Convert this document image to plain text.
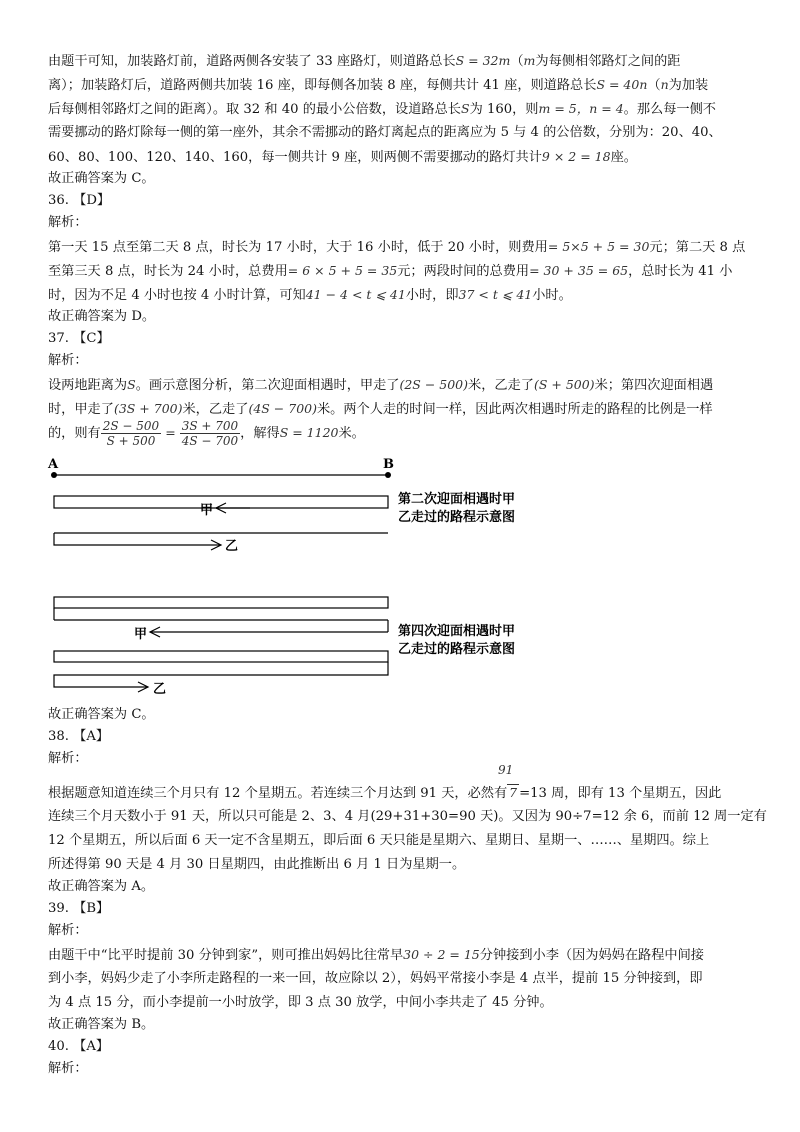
由题干可知，加装路灯前，道路两侧各安装了 33 座路灯，则道路总长S = 32m（m为每侧相邻路灯之间的距
离）；加装路灯后，道路两侧共加装 16 座，即每侧各加装 8 座，每侧共计 41 座，则道路总长S = 40n（n为加装
后每侧相邻路灯之间的距离）。取 32 和 40 的最小公倍数，设道路总长S为 160，则m = 5，n = 4。那么每一侧不
需要挪动的路灯除每一侧的第一座外，其余不需挪动的路灯离起点的距离应为 5 与 4 的公倍数，分别为：20、40、
60、80、100、120、140、160，每一侧共计 9 座，则两侧不需要挪动的路灯共计9 × 2 = 18座。
故正确答案为 C。
36. 【D】
解析：
第一天 15 点至第二天 8 点，时长为 17 小时，大于 16 小时，低于 20 小时，则费用= 5×5 + 5 = 30元；第二天 8 点
至第三天 8 点，时长为 24 小时，总费用= 6 × 5 + 5 = 35元；两段时间的总费用= 30 + 35 = 65，总时长为 41 小
时，因为不足 4 小时也按 4 小时计算，可知41 − 4 < t ⩽ 41小时，即37 < t ⩽ 41小时。
故正确答案为 D。
37. 【C】
解析：
设两地距离为S。画示意图分析，第二次迎面相遇时，甲走了(2S − 500)米，乙走了(S + 500)米；第四次迎面相遇
时，甲走了(3S + 700)米，乙走了(4S − 700)米。两个人走的时间一样，因此两次相遇时所走的路程的比例是一样
的，则有 $\frac{2S - 500}{S + 500} = \frac{3S + 700}{4S - 700}$ ，解得S = 1120米。
A	B
甲
乙
甲
乙
第二次迎面相遇时甲
乙走过的路程示意图
第四次迎面相遇时甲
乙走过的路程示意图
故正确答案为 C。
38. 【A】
解析：
91
根据题意知道连续三个月只有 12 个星期五。若连续三个月达到 91 天，必然有 7 =13 周，即有 13 个星期五，因此
连续三个月天数小于 91 天，所以只可能是 2、3、4 月(29+31+30=90 天)。又因为 90÷7=12 余 6，而前 12 周一定有
12 个星期五，所以后面 6 天一定不含星期五，即后面 6 天只能是星期六、星期日、星期一、……、星期四。综上
所述得第 90 天是 4 月 30 日星期四，由此推断出 6 月 1 日为星期一。
故正确答案为 A。
39. 【B】
解析：
由题干中“比平时提前 30 分钟到家”，则可推出妈妈比往常早30 ÷ 2 = 15分钟接到小李（因为妈妈在路程中间接
到小李，妈妈少走了小李所走路程的一来一回，故应除以 2），妈妈平常接小李是 4 点半，提前 15 分钟接到，即
为 4 点 15 分，而小李提前一小时放学，即 3 点 30 放学，中间小李共走了 45 分钟。
故正确答案为 B。
40. 【A】
解析：
